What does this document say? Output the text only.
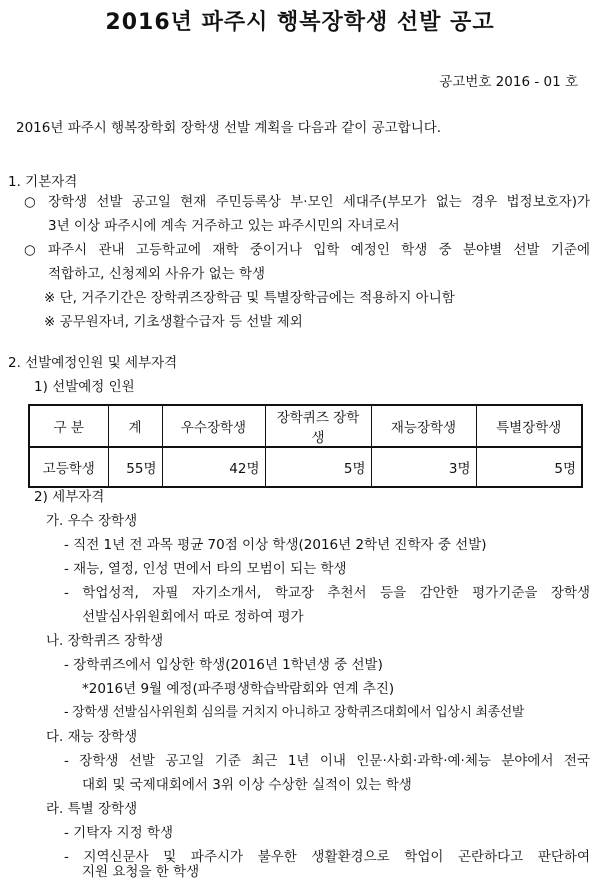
2016년 파주시 행복장학생 선발 공고
공고번호 2016 - 01 호
2016년 파주시 행복장학회 장학생 선발 계획을 다음과 같이 공고합니다.
1. 기본자격
○ 장학생 선발 공고일 현재 주민등록상 부·모인 세대주(부모가 없는 경우 법정보호자)가
3년 이상 파주시에 계속 거주하고 있는 파주시민의 자녀로서
○ 파주시 관내 고등학교에 재학 중이거나 입학 예정인 학생 중 분야별 선발 기준에
적합하고, 신청제외 사유가 없는 학생
※ 단, 거주기간은 장학퀴즈장학금 및 특별장학금에는 적용하지 아니함
※ 공무원자녀, 기초생활수급자 등 선발 제외
2. 선발예정인원 및 세부자격
1) 선발예정 인원
구 분	계	우수장학생	장학퀴즈 장학생	재능장학생	특별장학생
고등학생	55명	42명	5명	3명	5명
2) 세부자격
가. 우수 장학생
- 직전 1년 전 과목 평균 70점 이상 학생(2016년 2학년 진학자 중 선발)
- 재능, 열정, 인성 면에서 타의 모범이 되는 학생
- 학업성적, 자필 자기소개서, 학교장 추천서 등을 감안한 평가기준을 장학생
선발심사위원회에서 따로 정하여 평가
나. 장학퀴즈 장학생
- 장학퀴즈에서 입상한 학생(2016년 1학년생 중 선발)
*2016년 9월 예정(파주평생학습박람회와 연계 추진)
- 장학생 선발심사위원회 심의를 거치지 아니하고 장학퀴즈대회에서 입상시 최종선발
다. 재능 장학생
- 장학생 선발 공고일 기준 최근 1년 이내 인문·사회·과학·예·체능 분야에서 전국
대회 및 국제대회에서 3위 이상 수상한 실적이 있는 학생
라. 특별 장학생
- 기탁자 지정 학생
- 지역신문사 및 파주시가 불우한 생활환경으로 학업이 곤란하다고 판단하여
지원 요청을 한 학생
